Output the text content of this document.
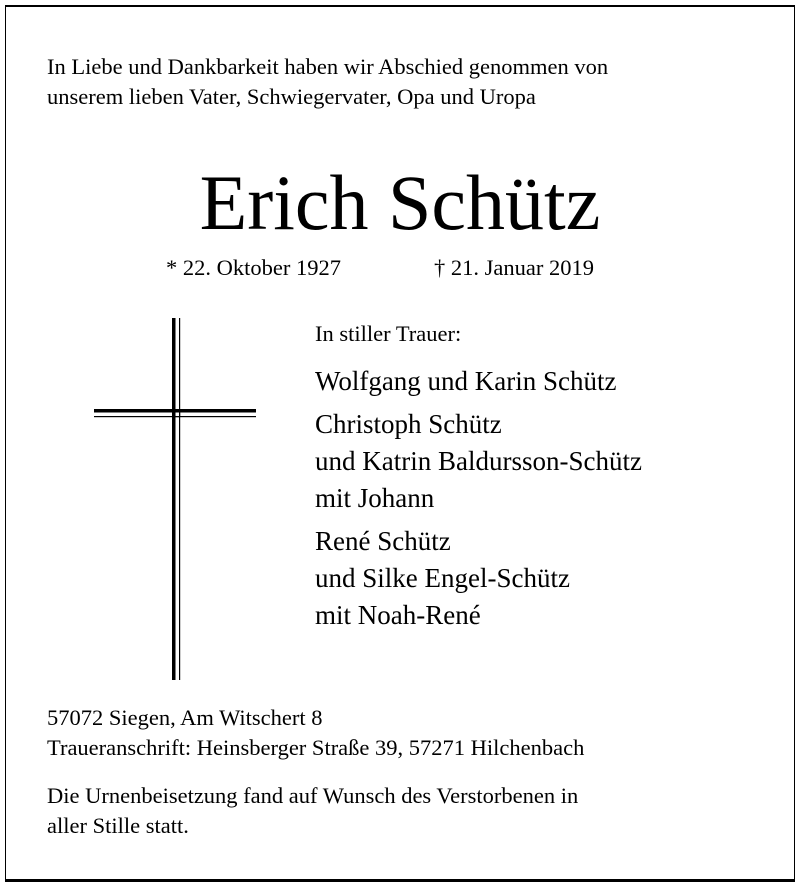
In Liebe und Dankbarkeit haben wir Abschied genommen von
unserem lieben Vater, Schwiegervater, Opa und Uropa
Erich Schütz
* 22. Oktober 1927	† 21. Januar 2019
In stiller Trauer:
Wolfgang und Karin Schütz
Christoph Schütz
und Katrin Baldursson-Schütz
mit Johann
René Schütz
und Silke Engel-Schütz
mit Noah-René
57072 Siegen, Am Witschert 8
Traueranschrift: Heinsberger Straße 39, 57271 Hilchenbach
Die Urnenbeisetzung fand auf Wunsch des Verstorbenen in
aller Stille statt.
